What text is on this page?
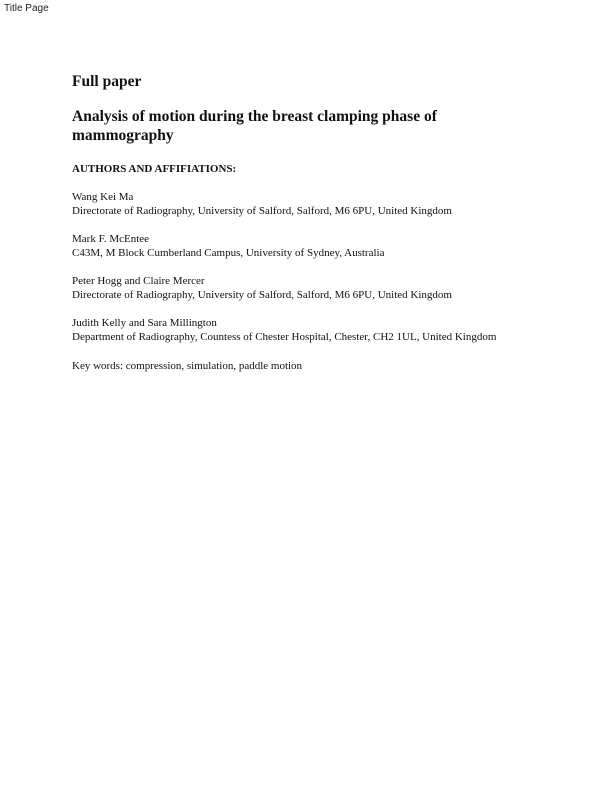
Title Page
Full paper
Analysis of motion during the breast clamping phase of mammography
AUTHORS AND AFFIFIATIONS:
Wang Kei Ma
Directorate of Radiography, University of Salford, Salford, M6 6PU, United Kingdom
Mark F. McEntee
C43M, M Block Cumberland Campus, University of Sydney, Australia
Peter Hogg and Claire Mercer
Directorate of Radiography, University of Salford, Salford, M6 6PU, United Kingdom
Judith Kelly and Sara Millington
Department of Radiography, Countess of Chester Hospital, Chester, CH2 1UL, United Kingdom

Key words: compression, simulation, paddle motion
